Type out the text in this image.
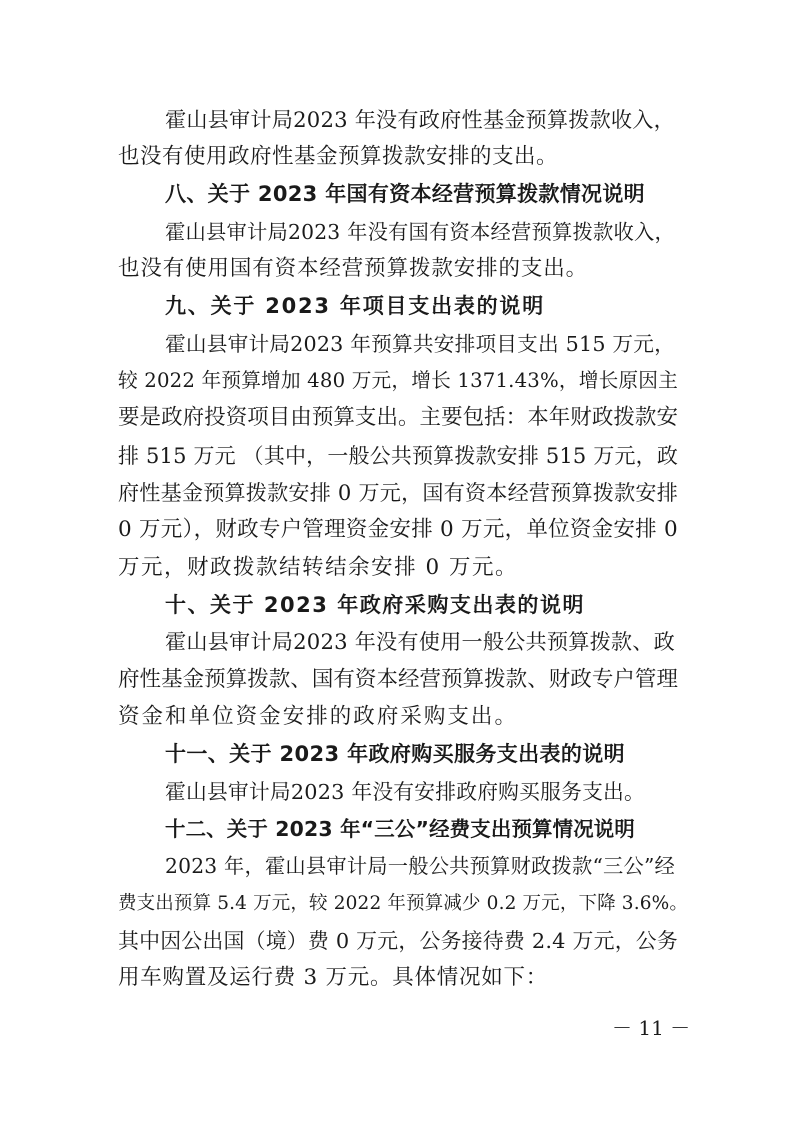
霍山县审计局2023 年没有政府性基金预算拨款收入，
也没有使用政府性基金预算拨款安排的支出。
八、关于 2023 年国有资本经营预算拨款情况说明
霍山县审计局2023 年没有国有资本经营预算拨款收入，
也没有使用国有资本经营预算拨款安排的支出。
九、关于 2023 年项目支出表的说明
霍山县审计局2023 年预算共安排项目支出 515 万元，
较 2022 年预算增加 480 万元，增长 1371.43%，增长原因主
要是政府投资项目由预算支出。主要包括：本年财政拨款安
排 515 万元 （其中，一般公共预算拨款安排 515 万元，政
府性基金预算拨款安排 0 万元，国有资本经营预算拨款安排
0 万元），财政专户管理资金安排 0 万元，单位资金安排 0
万元，财政拨款结转结余安排 0 万元。
十、关于 2023 年政府采购支出表的说明
霍山县审计局2023 年没有使用一般公共预算拨款、政
府性基金预算拨款、国有资本经营预算拨款、财政专户管理
资金和单位资金安排的政府采购支出。
十一、关于 2023 年政府购买服务支出表的说明
霍山县审计局2023 年没有安排政府购买服务支出。
十二、关于 2023 年“三公”经费支出预算情况说明
2023 年，霍山县审计局一般公共预算财政拨款“三公”经
费支出预算 5.4 万元，较 2022 年预算减少 0.2 万元，下降 3.6%。
其中因公出国（境）费 0 万元，公务接待费 2.4 万元，公务
用车购置及运行费 3 万元。具体情况如下：
－ 11 －
